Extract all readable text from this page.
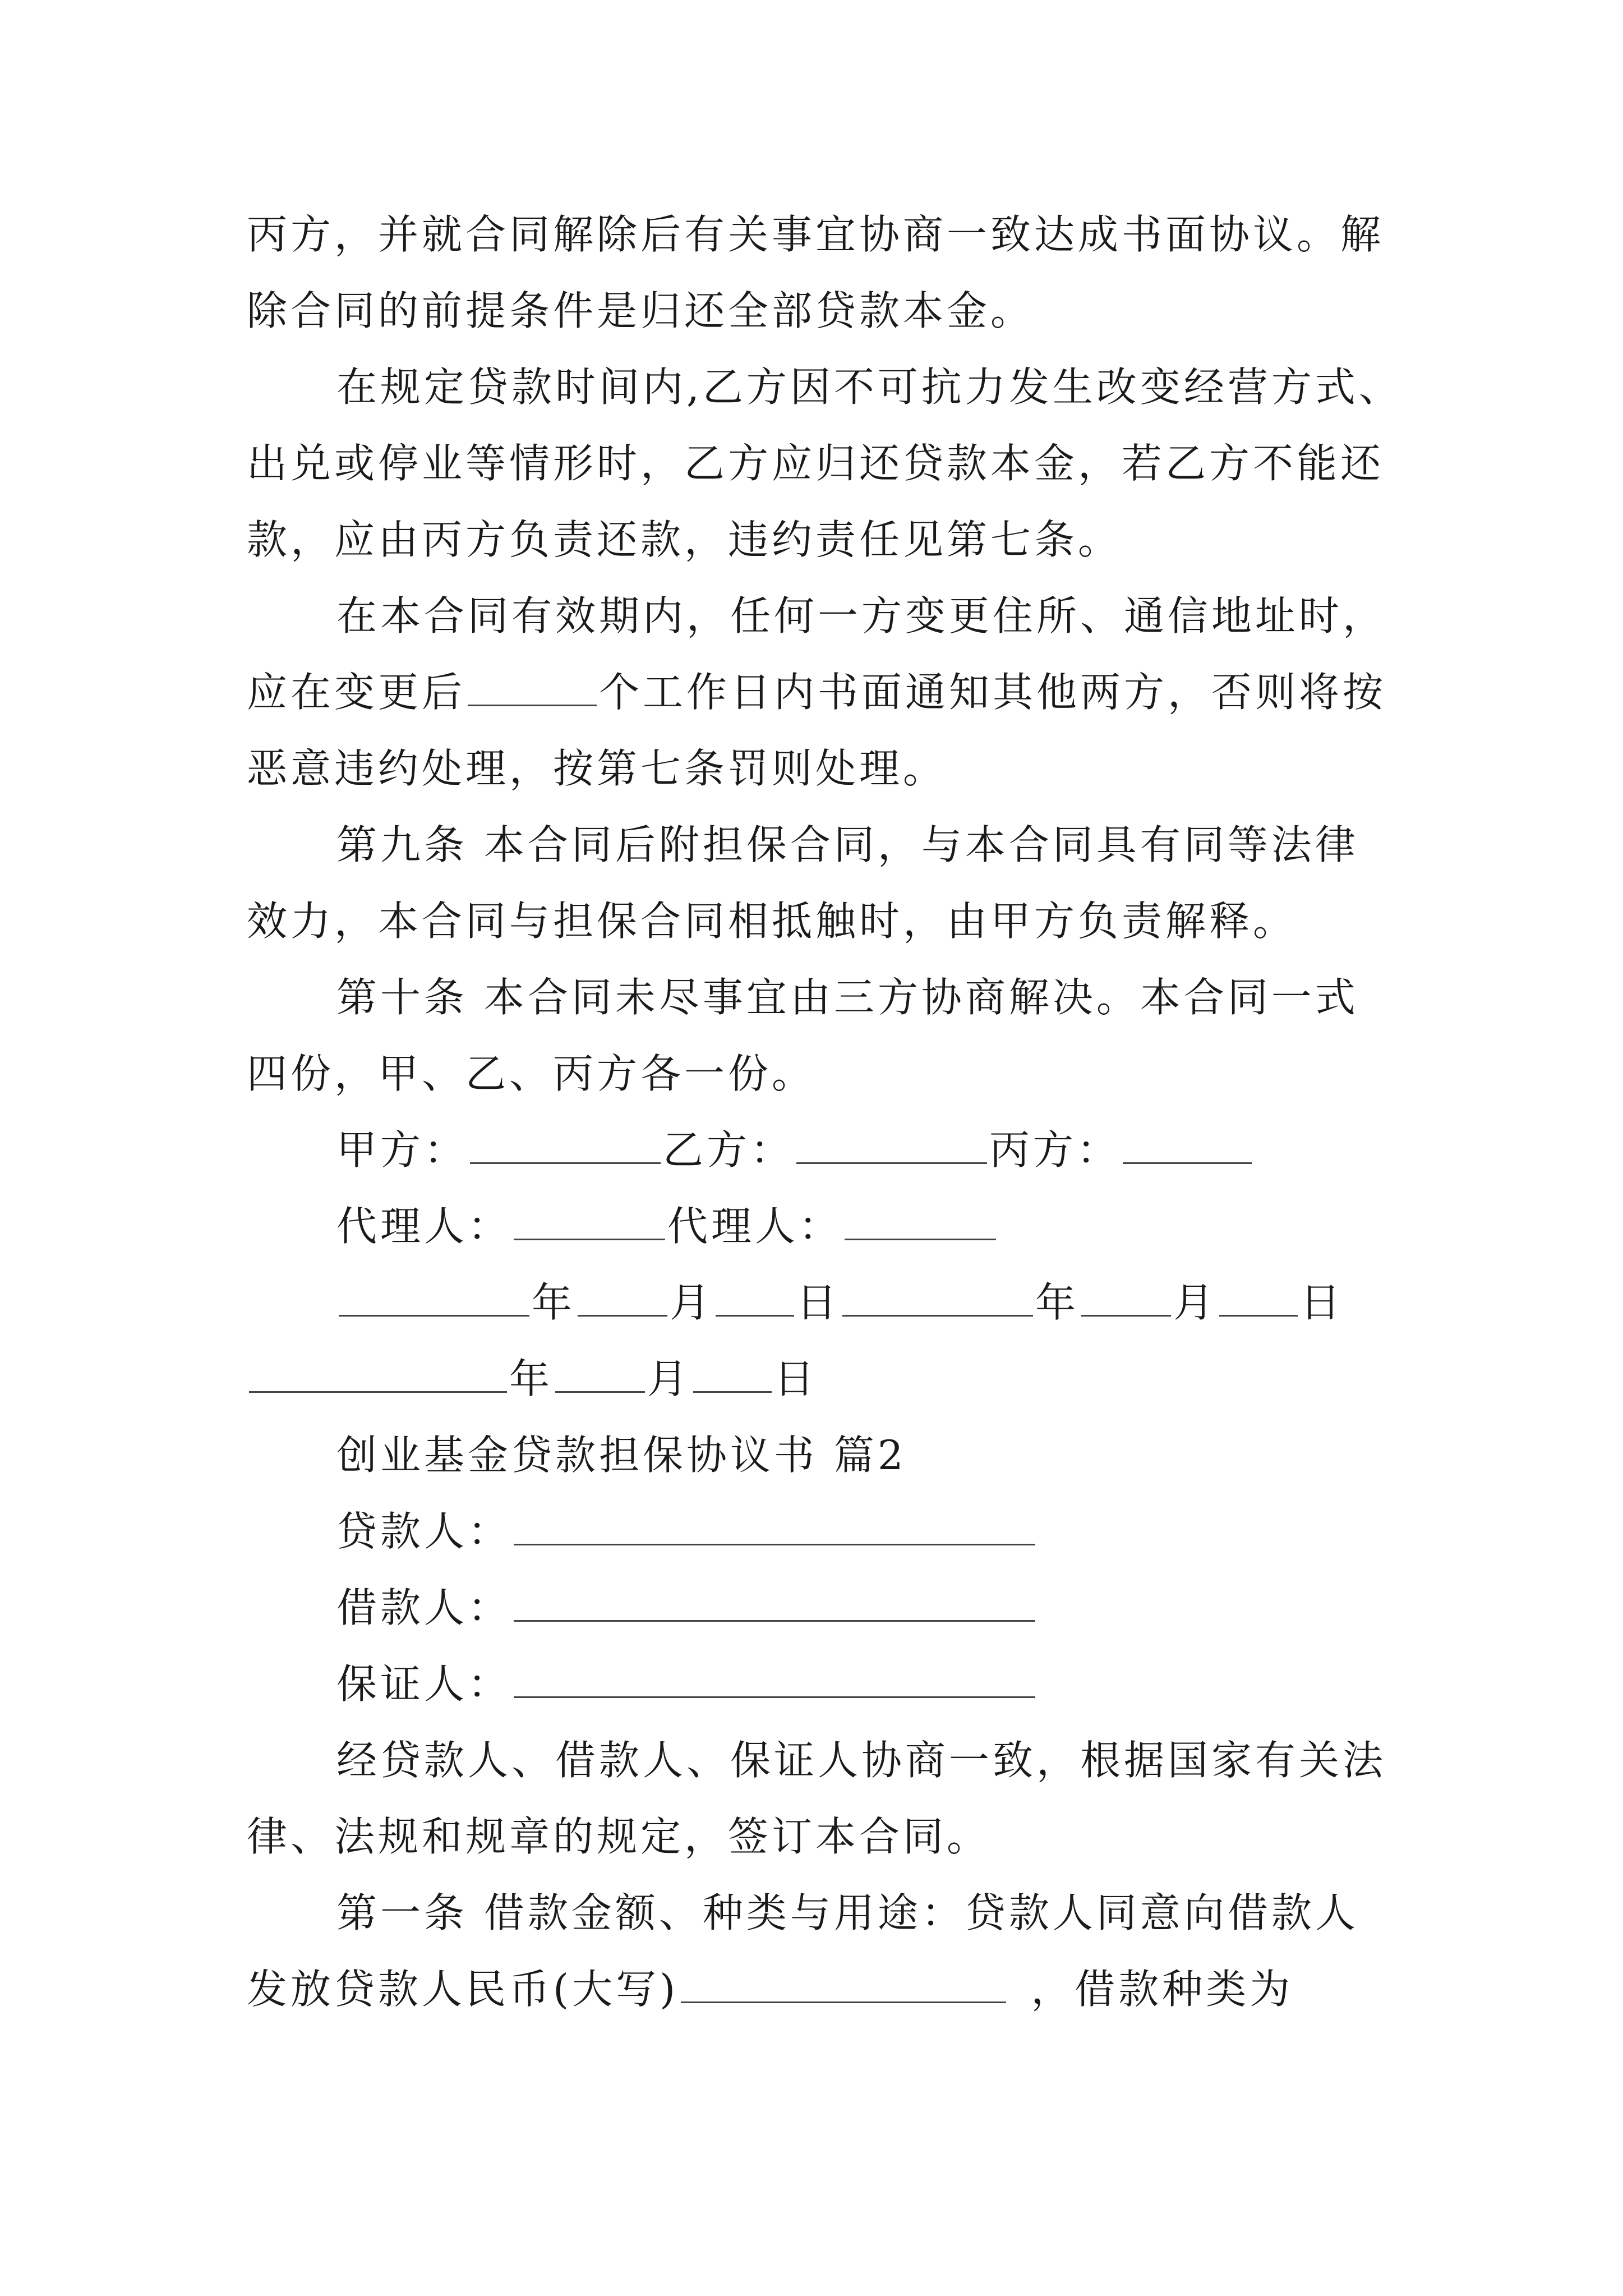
丙方，并就合同解除后有关事宜协商一致达成书面协议。解
除合同的前提条件是归还全部贷款本金。
在规定贷款时间内,乙方因不可抗力发生改变经营方式、
出兑或停业等情形时，乙方应归还贷款本金，若乙方不能还
款，应由丙方负责还款，违约责任见第七条。
在本合同有效期内，任何一方变更住所、通信地址时，
应在变更后	个工作日内书面通知其他两方，否则将按
恶意违约处理，按第七条罚则处理。
第九条 本合同后附担保合同，与本合同具有同等法律
效力，本合同与担保合同相抵触时，由甲方负责解释。
第十条 本合同未尽事宜由三方协商解决。本合同一式
四份，甲、乙、丙方各一份。
甲方：	乙方：	丙方：
代理人：	代理人：
年 月 日	年 月 日
年 月 日
创业基金贷款担保协议书 篇2
贷款人：
借款人：
保证人：
经贷款人、借款人、保证人协商一致，根据国家有关法
律、法规和规章的规定，签订本合同。
第一条 借款金额、种类与用途：贷款人同意向借款人
发放贷款人民币(大写)	，借款种类为
